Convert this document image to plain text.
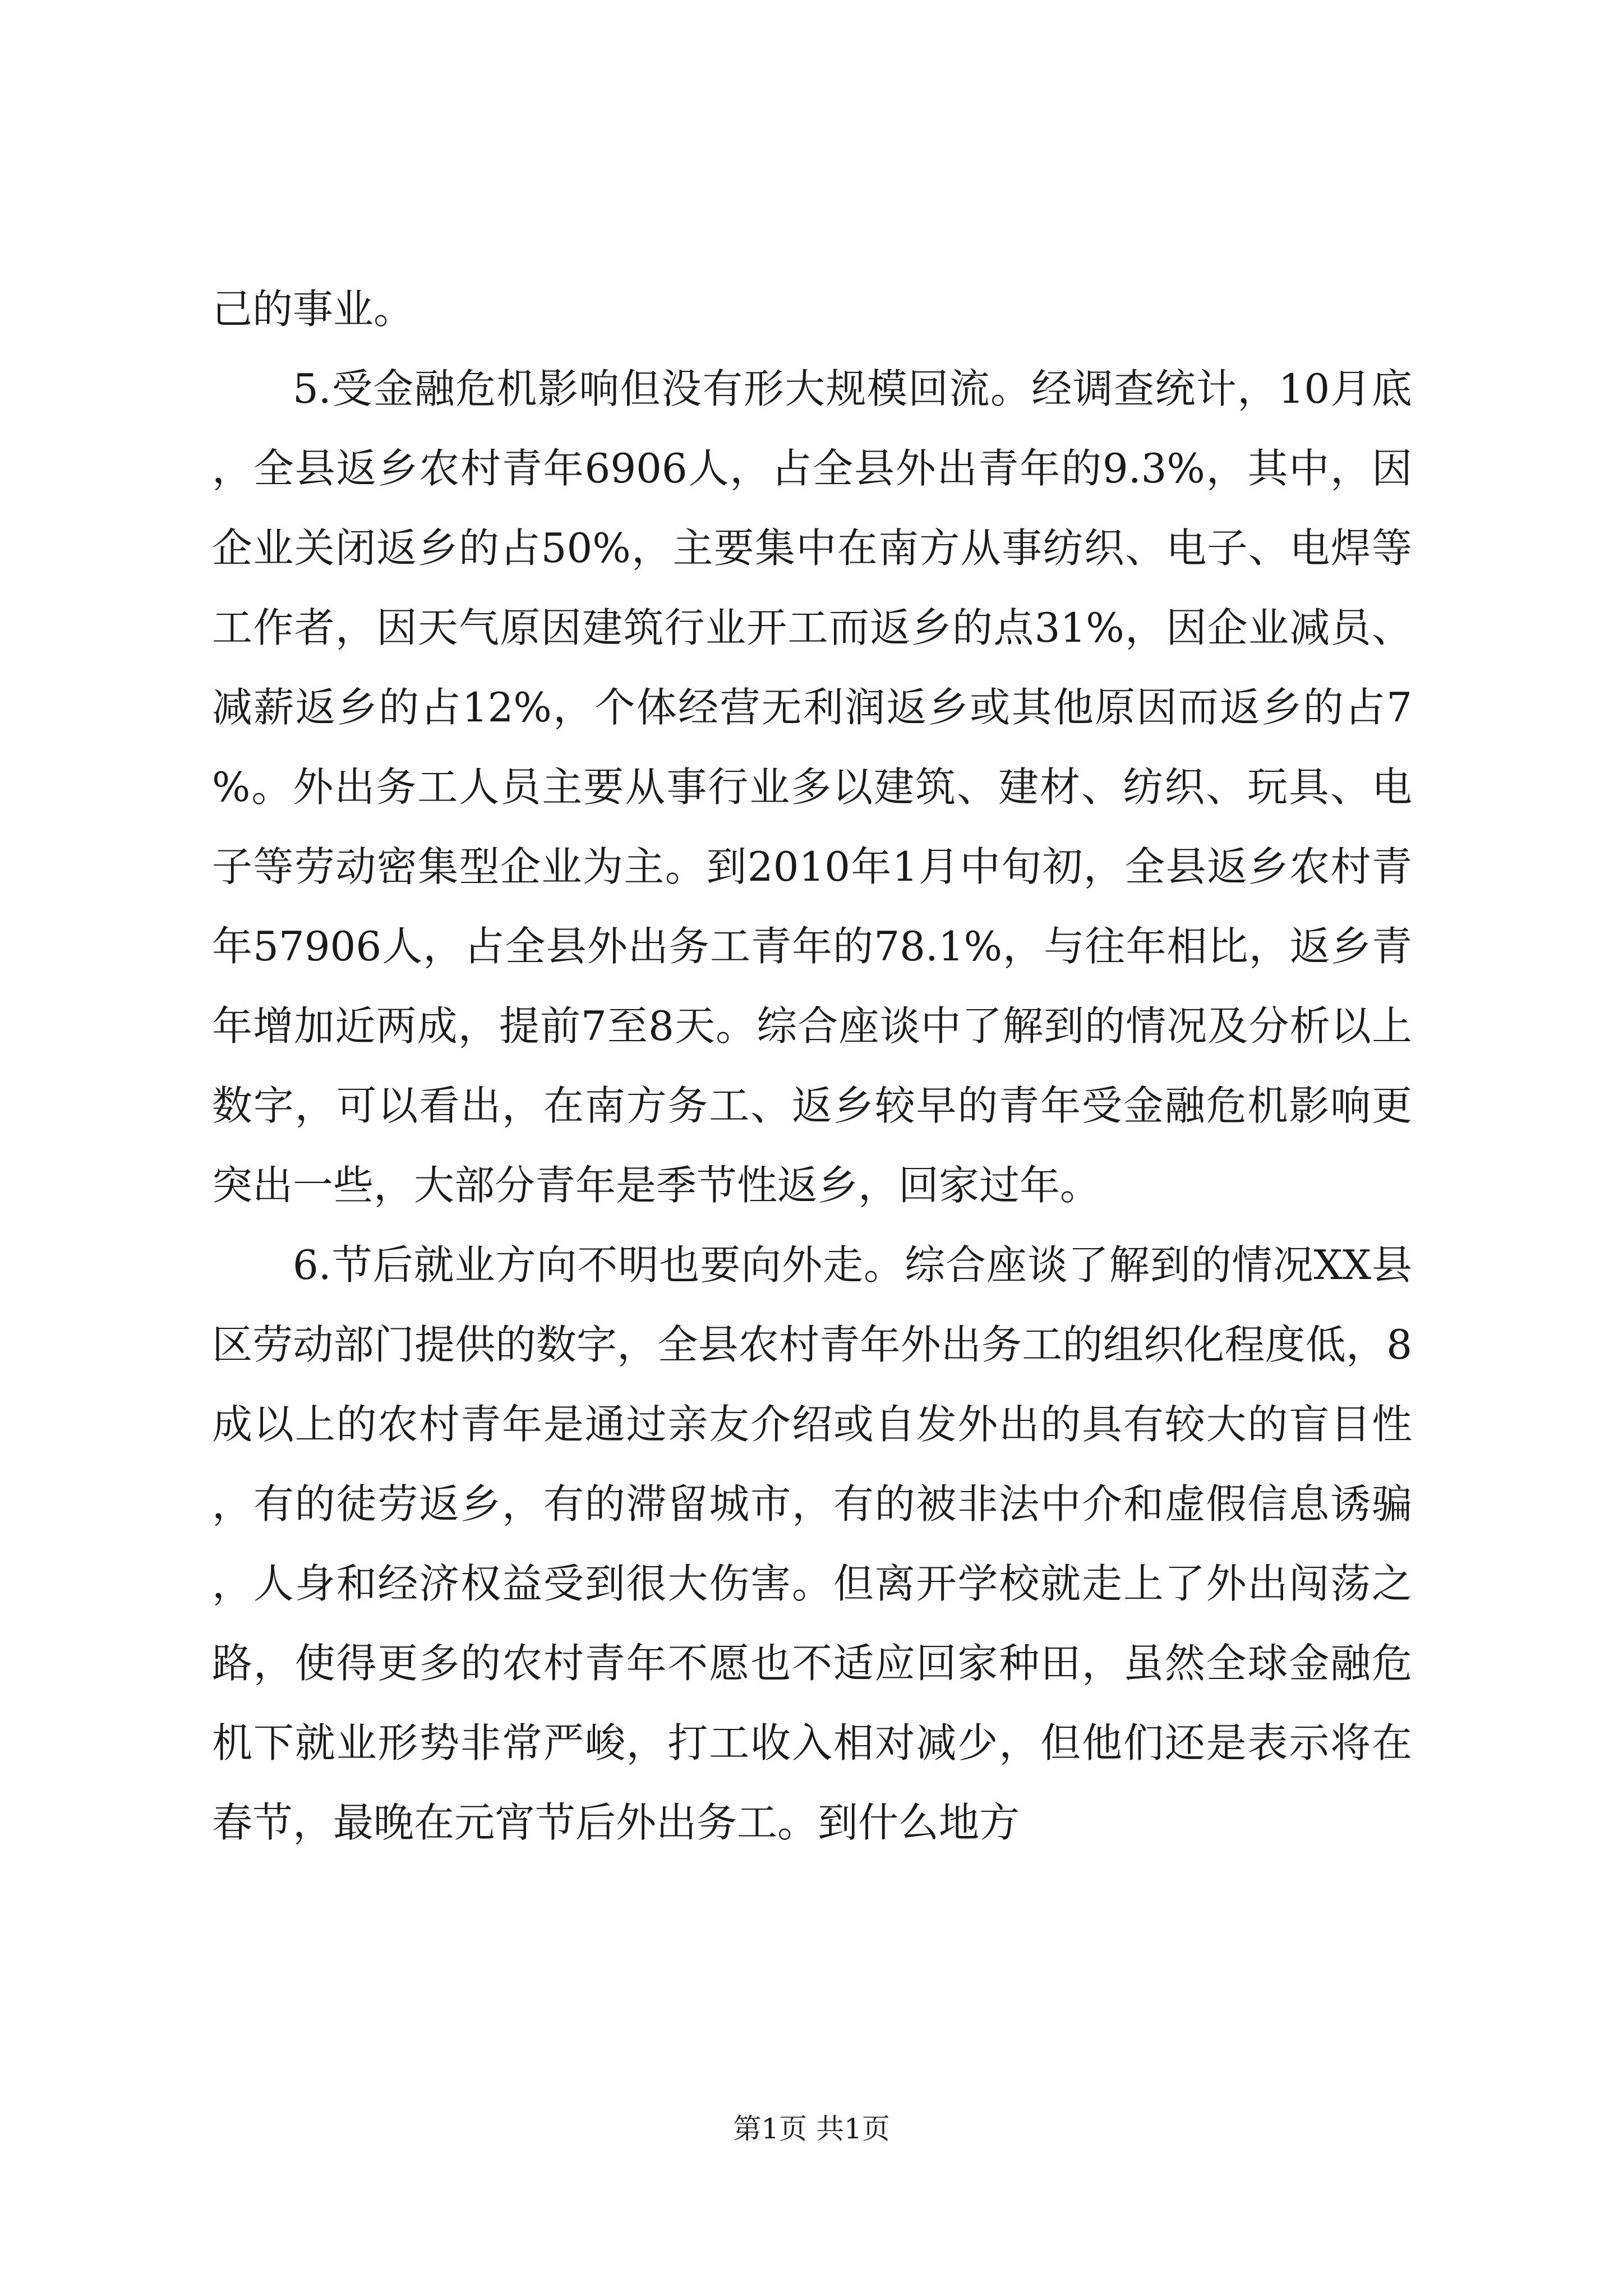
己的事业。

5.受金融危机影响但没有形大规模回流。经调查统计，10月底，全县返乡农村青年6906人，占全县外出青年的9.3%，其中，因企业关闭返乡的占50%，主要集中在南方从事纺织、电子、电焊等工作者，因天气原因建筑行业开工而返乡的点31%，因企业减员、减薪返乡的占12%，个体经营无利润返乡或其他原因而返乡的占7%。外出务工人员主要从事行业多以建筑、建材、纺织、玩具、电子等劳动密集型企业为主。到2010年1月中旬初，全县返乡农村青年57906人，占全县外出务工青年的78.1%，与往年相比，返乡青年增加近两成，提前7至8天。综合座谈中了解到的情况及分析以上数字，可以看出，在南方务工、返乡较早的青年受金融危机影响更突出一些，大部分青年是季节性返乡，回家过年。

6.节后就业方向不明也要向外走。综合座谈了解到的情况XX县区劳动部门提供的数字，全县农村青年外出务工的组织化程度低，8成以上的农村青年是通过亲友介绍或自发外出的具有较大的盲目性，有的徒劳返乡，有的滞留城市，有的被非法中介和虚假信息诱骗，人身和经济权益受到很大伤害。但离开学校就走上了外出闯荡之路，使得更多的农村青年不愿也不适应回家种田，虽然全球金融危机下就业形势非常严峻，打工收入相对减少，但他们还是表示将在春节，最晚在元宵节后外出务工。到什么地方

第1页 共1页
